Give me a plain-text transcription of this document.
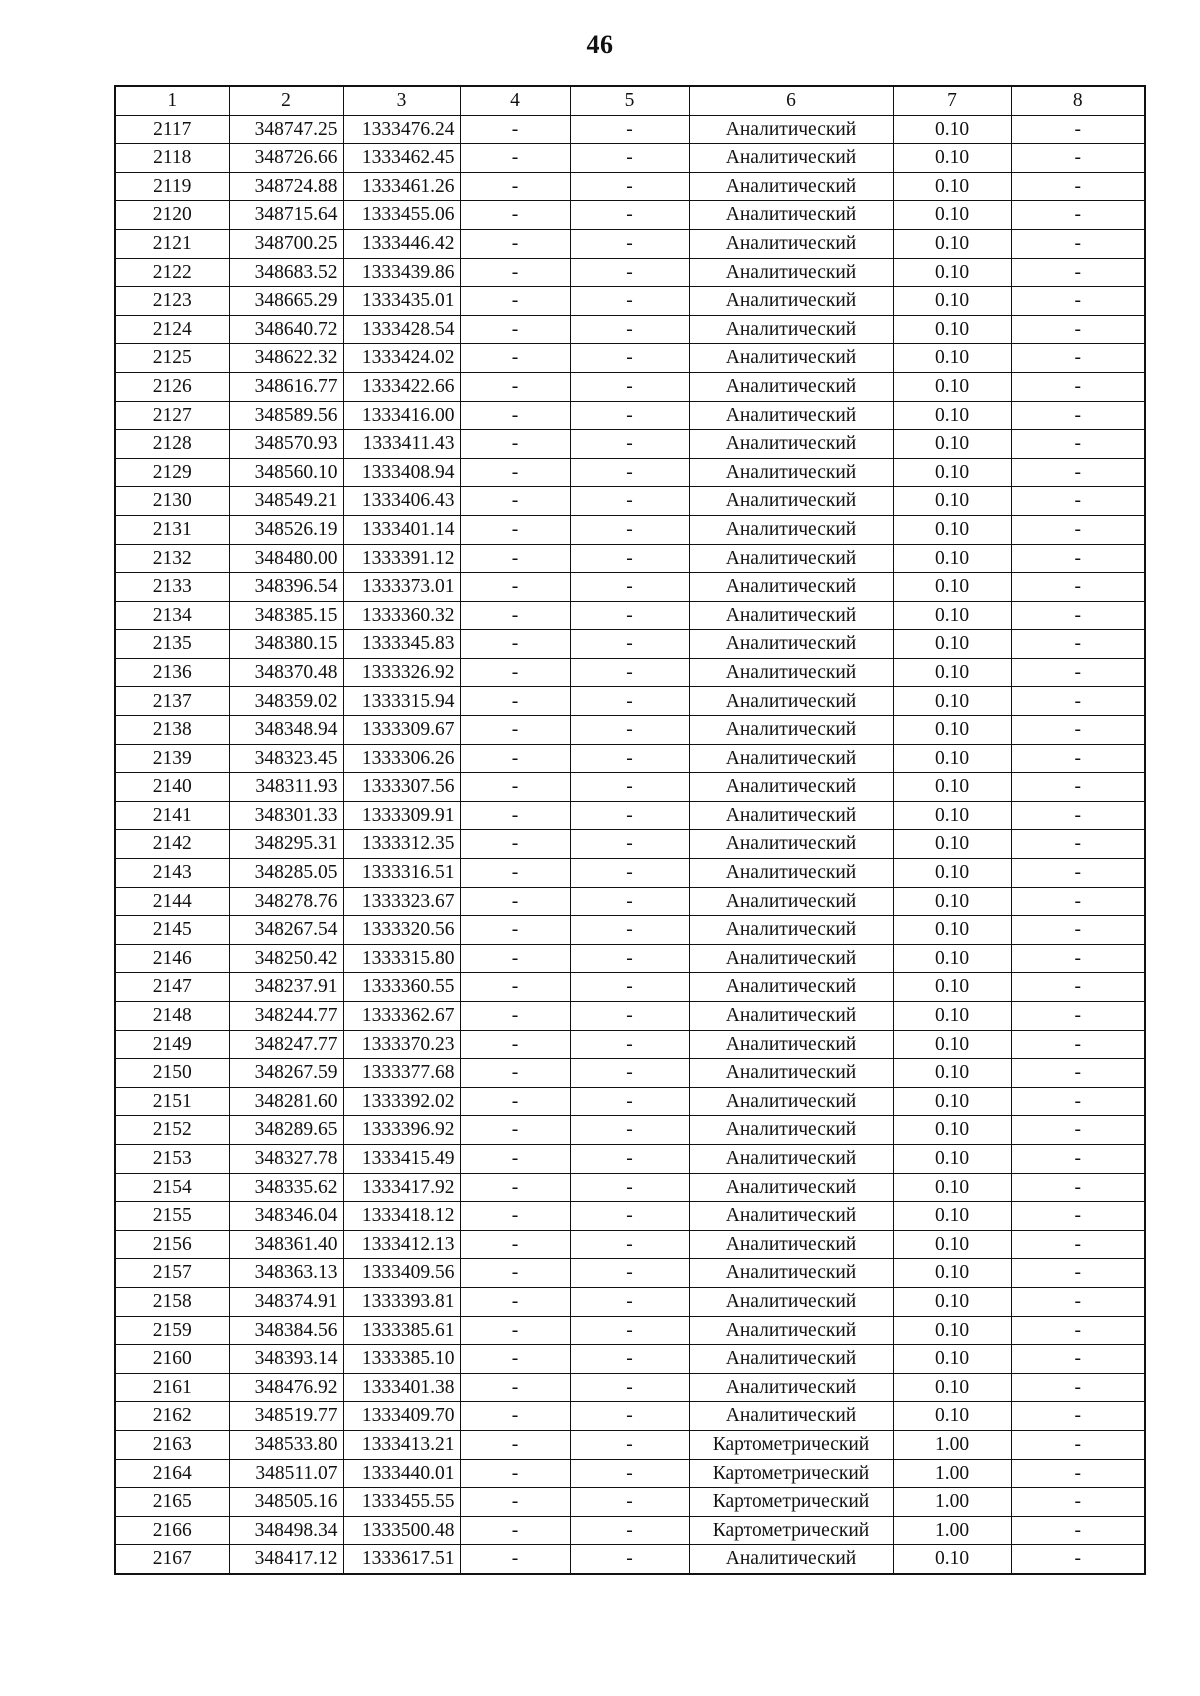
46
1	2	3	4	5	6	7	8
2117	348747.25	1333476.24	-	-	Аналитический	0.10	-
2118	348726.66	1333462.45	-	-	Аналитический	0.10	-
2119	348724.88	1333461.26	-	-	Аналитический	0.10	-
2120	348715.64	1333455.06	-	-	Аналитический	0.10	-
2121	348700.25	1333446.42	-	-	Аналитический	0.10	-
2122	348683.52	1333439.86	-	-	Аналитический	0.10	-
2123	348665.29	1333435.01	-	-	Аналитический	0.10	-
2124	348640.72	1333428.54	-	-	Аналитический	0.10	-
2125	348622.32	1333424.02	-	-	Аналитический	0.10	-
2126	348616.77	1333422.66	-	-	Аналитический	0.10	-
2127	348589.56	1333416.00	-	-	Аналитический	0.10	-
2128	348570.93	1333411.43	-	-	Аналитический	0.10	-
2129	348560.10	1333408.94	-	-	Аналитический	0.10	-
2130	348549.21	1333406.43	-	-	Аналитический	0.10	-
2131	348526.19	1333401.14	-	-	Аналитический	0.10	-
2132	348480.00	1333391.12	-	-	Аналитический	0.10	-
2133	348396.54	1333373.01	-	-	Аналитический	0.10	-
2134	348385.15	1333360.32	-	-	Аналитический	0.10	-
2135	348380.15	1333345.83	-	-	Аналитический	0.10	-
2136	348370.48	1333326.92	-	-	Аналитический	0.10	-
2137	348359.02	1333315.94	-	-	Аналитический	0.10	-
2138	348348.94	1333309.67	-	-	Аналитический	0.10	-
2139	348323.45	1333306.26	-	-	Аналитический	0.10	-
2140	348311.93	1333307.56	-	-	Аналитический	0.10	-
2141	348301.33	1333309.91	-	-	Аналитический	0.10	-
2142	348295.31	1333312.35	-	-	Аналитический	0.10	-
2143	348285.05	1333316.51	-	-	Аналитический	0.10	-
2144	348278.76	1333323.67	-	-	Аналитический	0.10	-
2145	348267.54	1333320.56	-	-	Аналитический	0.10	-
2146	348250.42	1333315.80	-	-	Аналитический	0.10	-
2147	348237.91	1333360.55	-	-	Аналитический	0.10	-
2148	348244.77	1333362.67	-	-	Аналитический	0.10	-
2149	348247.77	1333370.23	-	-	Аналитический	0.10	-
2150	348267.59	1333377.68	-	-	Аналитический	0.10	-
2151	348281.60	1333392.02	-	-	Аналитический	0.10	-
2152	348289.65	1333396.92	-	-	Аналитический	0.10	-
2153	348327.78	1333415.49	-	-	Аналитический	0.10	-
2154	348335.62	1333417.92	-	-	Аналитический	0.10	-
2155	348346.04	1333418.12	-	-	Аналитический	0.10	-
2156	348361.40	1333412.13	-	-	Аналитический	0.10	-
2157	348363.13	1333409.56	-	-	Аналитический	0.10	-
2158	348374.91	1333393.81	-	-	Аналитический	0.10	-
2159	348384.56	1333385.61	-	-	Аналитический	0.10	-
2160	348393.14	1333385.10	-	-	Аналитический	0.10	-
2161	348476.92	1333401.38	-	-	Аналитический	0.10	-
2162	348519.77	1333409.70	-	-	Аналитический	0.10	-
2163	348533.80	1333413.21	-	-	Картометрический	1.00	-
2164	348511.07	1333440.01	-	-	Картометрический	1.00	-
2165	348505.16	1333455.55	-	-	Картометрический	1.00	-
2166	348498.34	1333500.48	-	-	Картометрический	1.00	-
2167	348417.12	1333617.51	-	-	Аналитический	0.10	-
